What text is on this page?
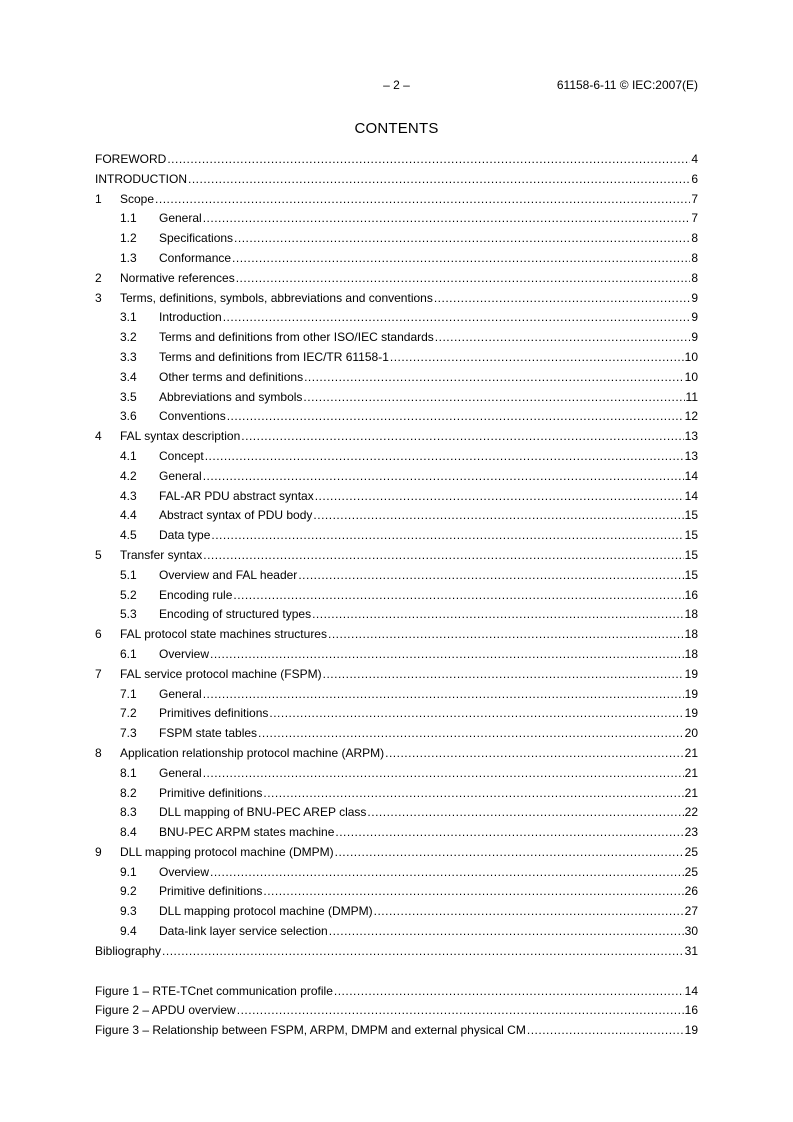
– 2 –	61158-6-11 © IEC:2007(E)
CONTENTS
FOREWORD .....	4
INTRODUCTION .....	6
1	Scope .....	7
1.1	General .....	7
1.2	Specifications .....	8
1.3	Conformance .....	8
2	Normative references .....	8
3	Terms, definitions, symbols, abbreviations and conventions .....	9
3.1	Introduction .....	9
3.2	Terms and definitions from other ISO/IEC standards .....	9
3.3	Terms and definitions from IEC/TR 61158-1 .....	10
3.4	Other terms and definitions .....	10
3.5	Abbreviations and symbols .....	11
3.6	Conventions .....	12
4	FAL syntax description .....	13
4.1	Concept .....	13
4.2	General .....	14
4.3	FAL-AR PDU abstract syntax .....	14
4.4	Abstract syntax of PDU body .....	15
4.5	Data type .....	15
5	Transfer syntax .....	15
5.1	Overview and FAL header .....	15
5.2	Encoding rule .....	16
5.3	Encoding of structured types .....	18
6	FAL protocol state machines structures .....	18
6.1	Overview .....	18
7	FAL service protocol machine (FSPM) .....	19
7.1	General .....	19
7.2	Primitives definitions .....	19
7.3	FSPM state tables .....	20
8	Application relationship protocol machine (ARPM) .....	21
8.1	General .....	21
8.2	Primitive definitions .....	21
8.3	DLL mapping of BNU-PEC AREP class .....	22
8.4	BNU-PEC ARPM states machine .....	23
9	DLL mapping protocol machine (DMPM) .....	25
9.1	Overview .....	25
9.2	Primitive definitions .....	26
9.3	DLL mapping protocol machine (DMPM) .....	27
9.4	Data-link layer service selection .....	30
Bibliography .....	31
Figure 1 – RTE-TCnet communication profile .....	14
Figure 2 – APDU overview .....	16
Figure 3 – Relationship between FSPM, ARPM, DMPM and external physical CM .....	19
